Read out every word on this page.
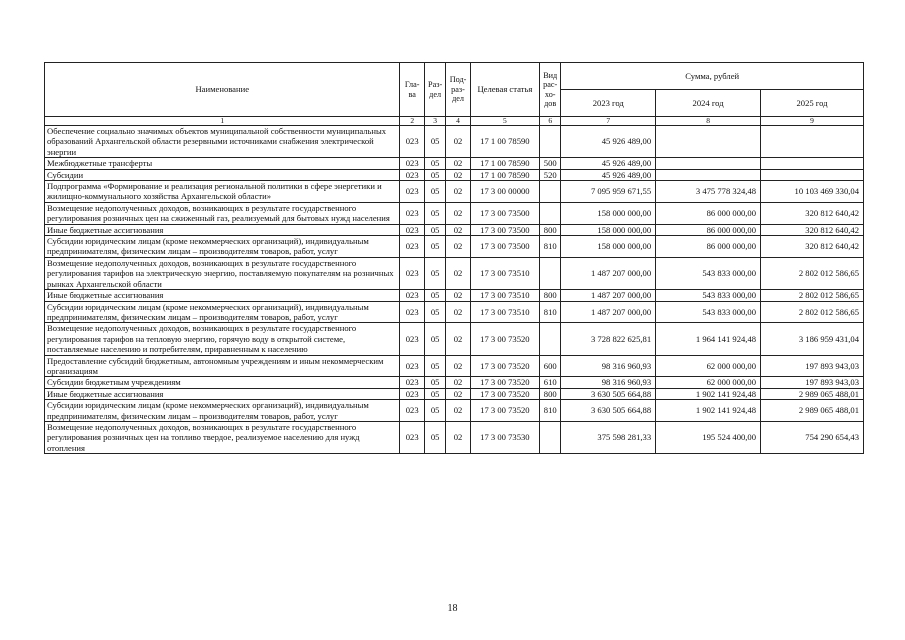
Наименование	Гла-ва	Раз-дел	Под-раз-дел	Целевая статья	Вид рас-хо-дов	Сумма, рублей		
						2023 год	2024 год	2025 год
1	2	3	4	5	6	7	8	9
Обеспечение социально значимых объектов муниципальной собственности муниципальных образований Архангельской области резервными источниками снабжения электрической энергии	023	05	02	17 1 00 78590		45 926 489,00		
Межбюджетные трансферты	023	05	02	17 1 00 78590	500	45 926 489,00		
Субсидии	023	05	02	17 1 00 78590	520	45 926 489,00		
Подпрограмма «Формирование и реализация региональной политики в сфере энергетики и жилищно-коммунального хозяйства Архангельской области»	023	05	02	17 3 00 00000		7 095 959 671,55	3 475 778 324,48	10 103 469 330,04
Возмещение недополученных доходов, возникающих в результате государственного регулирования розничных цен на сжиженный газ, реализуемый для бытовых нужд населения	023	05	02	17 3 00 73500		158 000 000,00	86 000 000,00	320 812 640,42
Иные бюджетные ассигнования	023	05	02	17 3 00 73500	800	158 000 000,00	86 000 000,00	320 812 640,42
Субсидии юридическим лицам (кроме некоммерческих организаций), индивидуальным предпринимателям, физическим лицам – производителям товаров, работ, услуг	023	05	02	17 3 00 73500	810	158 000 000,00	86 000 000,00	320 812 640,42
Возмещение недополученных доходов, возникающих в результате государственного регулирования тарифов на электрическую энергию, поставляемую покупателям на розничных рынках Архангельской области	023	05	02	17 3 00 73510		1 487 207 000,00	543 833 000,00	2 802 012 586,65
Иные бюджетные ассигнования	023	05	02	17 3 00 73510	800	1 487 207 000,00	543 833 000,00	2 802 012 586,65
Субсидии юридическим лицам (кроме некоммерческих организаций), индивидуальным предпринимателям, физическим лицам – производителям товаров, работ, услуг	023	05	02	17 3 00 73510	810	1 487 207 000,00	543 833 000,00	2 802 012 586,65
Возмещение недополученных доходов, возникающих в результате государственного регулирования тарифов на тепловую энергию, горячую воду в открытой системе, поставляемые населению и потребителям, приравненным к населению	023	05	02	17 3 00 73520		3 728 822 625,81	1 964 141 924,48	3 186 959 431,04
Предоставление субсидий бюджетным, автономным учреждениям и иным некоммерческим организациям	023	05	02	17 3 00 73520	600	98 316 960,93	62 000 000,00	197 893 943,03
Субсидии бюджетным учреждениям	023	05	02	17 3 00 73520	610	98 316 960,93	62 000 000,00	197 893 943,03
Иные бюджетные ассигнования	023	05	02	17 3 00 73520	800	3 630 505 664,88	1 902 141 924,48	2 989 065 488,01
Субсидии юридическим лицам (кроме некоммерческих организаций), индивидуальным предпринимателям, физическим лицам – производителям товаров, работ, услуг	023	05	02	17 3 00 73520	810	3 630 505 664,88	1 902 141 924,48	2 989 065 488,01
Возмещение недополученных доходов, возникающих в результате государственного регулирования розничных цен на топливо твердое, реализуемое населению для нужд отопления	023	05	02	17 3 00 73530		375 598 281,33	195 524 400,00	754 290 654,43
18
